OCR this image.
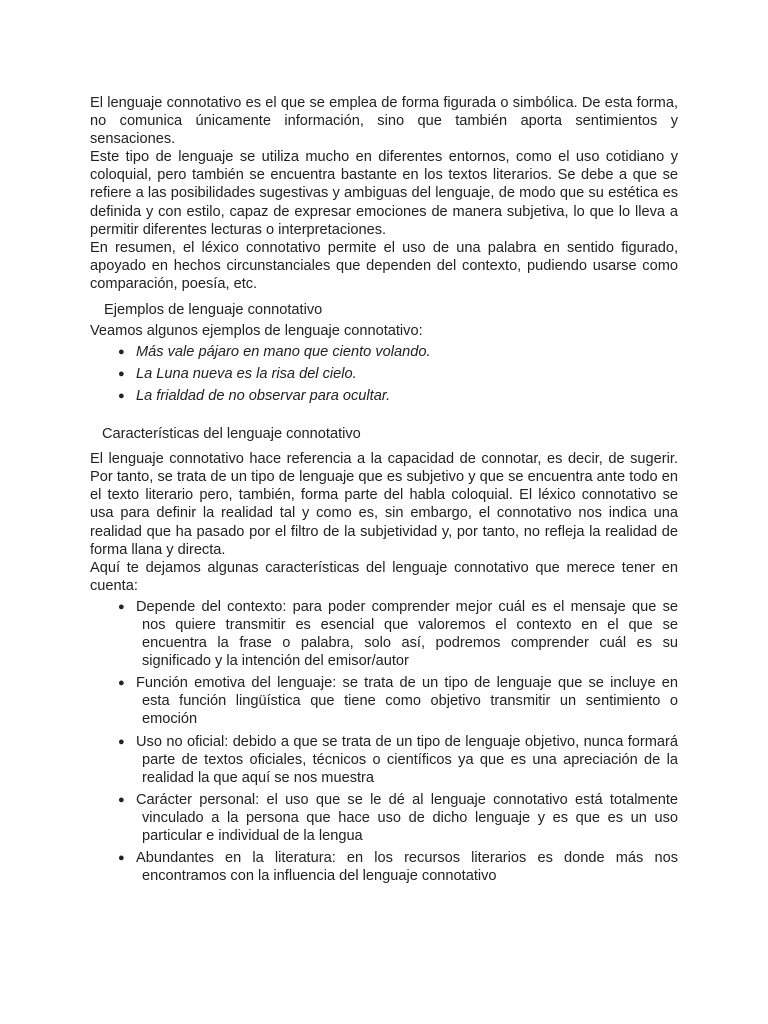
El lenguaje connotativo es el que se emplea de forma figurada o simbólica. De esta forma, no comunica únicamente información, sino que también aporta sentimientos y sensaciones.

Este tipo de lenguaje se utiliza mucho en diferentes entornos, como el uso cotidiano y coloquial, pero también se encuentra bastante en los textos literarios. Se debe a que se refiere a las posibilidades sugestivas y ambiguas del lenguaje, de modo que su estética es definida y con estilo, capaz de expresar emociones de manera subjetiva, lo que lo lleva a permitir diferentes lecturas o interpretaciones.

En resumen, el léxico connotativo permite el uso de una palabra en sentido figurado, apoyado en hechos circunstanciales que dependen del contexto, pudiendo usarse como comparación, poesía, etc.

Ejemplos de lenguaje connotativo

Veamos algunos ejemplos de lenguaje connotativo:

● Más vale pájaro en mano que ciento volando.
● La Luna nueva es la risa del cielo.
● La frialdad de no observar para ocultar.
Características del lenguaje connotativo

El lenguaje connotativo hace referencia a la capacidad de connotar, es decir, de sugerir. Por tanto, se trata de un tipo de lenguaje que es subjetivo y que se encuentra ante todo en el texto literario pero, también, forma parte del habla coloquial. El léxico connotativo se usa para definir la realidad tal y como es, sin embargo, el connotativo nos indica una realidad que ha pasado por el filtro de la subjetividad y, por tanto, no refleja la realidad de forma llana y directa.

Aquí te dejamos algunas características del lenguaje connotativo que merece tener en cuenta:

● Depende del contexto: para poder comprender mejor cuál es el mensaje que se
nos quiere transmitir es esencial que valoremos el contexto en el que se encuentra la frase o palabra, solo así, podremos comprender cuál es su significado y la intención del emisor/autor
● Función emotiva del lenguaje: se trata de un tipo de lenguaje que se incluye en
esta función lingüística que tiene como objetivo transmitir un sentimiento o emoción
● Uso no oficial: debido a que se trata de un tipo de lenguaje objetivo, nunca formará
parte de textos oficiales, técnicos o científicos ya que es una apreciación de la realidad la que aquí se nos muestra
● Carácter personal: el uso que se le dé al lenguaje connotativo está totalmente
vinculado a la persona que hace uso de dicho lenguaje y es que es un uso particular e individual de la lengua
● Abundantes en la literatura: en los recursos literarios es donde más nos
encontramos con la influencia del lenguaje connotativo
